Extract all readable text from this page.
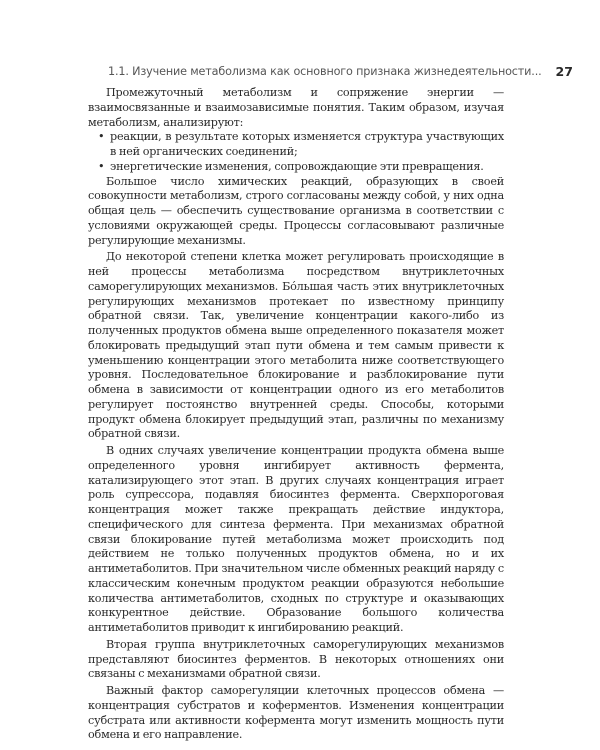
1.1. Изучение метаболизма как основного признака жизнедеятельности... 27

Промежуточный метаболизм и сопряжение энергии — взаимосвязанные и взаимозависимые понятия. Таким образом, изучая метаболизм, анализируют:

• реакции, в результате которых изменяется структура участвующих в ней органических соединений;
• энергетические изменения, сопровождающие эти превращения.

Большое число химических реакций, образующих в своей совокупности метаболизм, строго согласованы между собой, у них одна общая цель — обеспечить существование организма в соответствии с условиями окружающей среды. Процессы согласовывают различные регулирующие механизмы.

До некоторой степени клетка может регулировать происходящие в ней процессы метаболизма посредством внутриклеточных саморегулирующих механизмов. Бо́льшая часть этих внутриклеточных регулирующих механизмов протекает по известному принципу обратной связи. Так, увеличение концентрации какого-либо из полученных продуктов обмена выше определенного показателя может блокировать предыдущий этап пути обмена и тем самым привести к уменьшению концентрации этого метаболита ниже соответствующего уровня. Последовательное блокирование и разблокирование пути обмена в зависимости от концентрации одного из его метаболитов регулирует постоянство внутренней среды. Способы, которыми продукт обмена блокирует предыдущий этап, различны по механизму обратной связи.

В одних случаях увеличение концентрации продукта обмена выше определенного уровня ингибирует активность фермента, катализирующего этот этап. В других случаях концентрация играет роль супрессора, подавляя биосинтез фермента. Сверхпороговая концентрация может также прекращать действие индуктора, специфического для синтеза фермента. При механизмах обратной связи блокирование путей метаболизма может происходить под действием не только полученных продуктов обмена, но и их антиметаболитов. При значительном числе обменных реакций наряду с классическим конечным продуктом реакции образуются небольшие количества антиметаболитов, сходных по структуре и оказывающих конкурентное действие. Образование большого количества антиметаболитов приводит к ингибированию реакций.

Вторая группа внутриклеточных саморегулирующих механизмов представляют биосинтез ферментов. В некоторых отношениях они связаны с механизмами обратной связи.

Важный фактор саморегуляции клеточных процессов обмена — концентрация субстратов и коферментов. Изменения концентрации субстрата или активности кофермента могут изменить мощность пути обмена и его направление.
